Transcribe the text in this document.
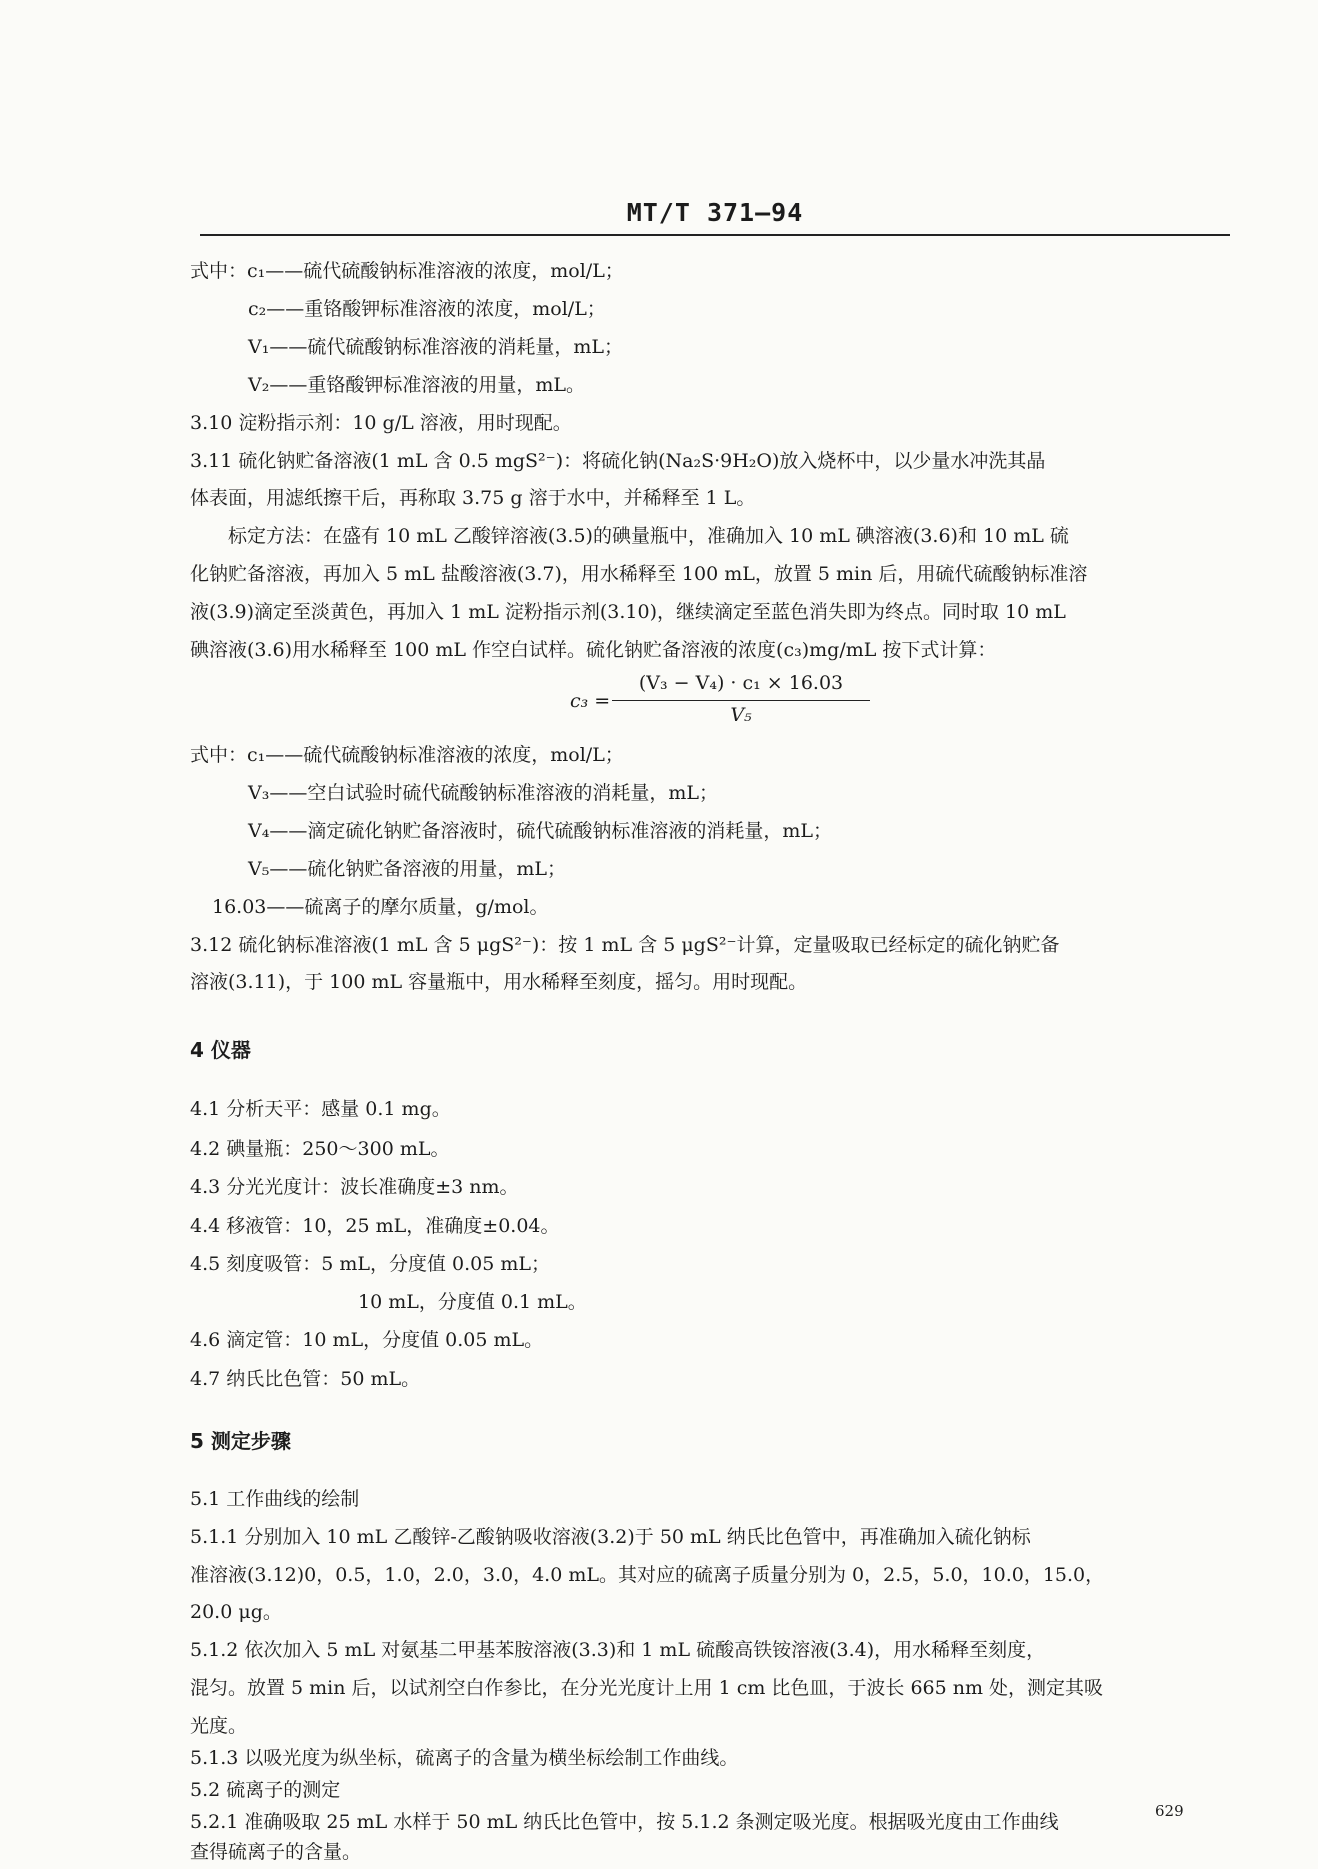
MT/T 371—94
式中：c₁——硫代硫酸钠标准溶液的浓度，mol/L；
c₂——重铬酸钾标准溶液的浓度，mol/L；
V₁——硫代硫酸钠标准溶液的消耗量，mL；
V₂——重铬酸钾标准溶液的用量，mL。
3.10 淀粉指示剂：10 g/L 溶液，用时现配。
3.11 硫化钠贮备溶液(1 mL 含 0.5 mgS²⁻)：将硫化钠(Na₂S·9H₂O)放入烧杯中，以少量水冲洗其晶
体表面，用滤纸擦干后，再称取 3.75 g 溶于水中，并稀释至 1 L。
标定方法：在盛有 10 mL 乙酸锌溶液(3.5)的碘量瓶中，准确加入 10 mL 碘溶液(3.6)和 10 mL 硫
化钠贮备溶液，再加入 5 mL 盐酸溶液(3.7)，用水稀释至 100 mL，放置 5 min 后，用硫代硫酸钠标准溶
液(3.9)滴定至淡黄色，再加入 1 mL 淀粉指示剂(3.10)，继续滴定至蓝色消失即为终点。同时取 10 mL
碘溶液(3.6)用水稀释至 100 mL 作空白试样。硫化钠贮备溶液的浓度(c₃)mg/mL 按下式计算：
c₃ =
(V₃ − V₄) · c₁ × 16.03
V₅
式中：c₁——硫代硫酸钠标准溶液的浓度，mol/L；
V₃——空白试验时硫代硫酸钠标准溶液的消耗量，mL；
V₄——滴定硫化钠贮备溶液时，硫代硫酸钠标准溶液的消耗量，mL；
V₅——硫化钠贮备溶液的用量，mL；
16.03——硫离子的摩尔质量，g/mol。
3.12 硫化钠标准溶液(1 mL 含 5 μgS²⁻)：按 1 mL 含 5 μgS²⁻计算，定量吸取已经标定的硫化钠贮备
溶液(3.11)，于 100 mL 容量瓶中，用水稀释至刻度，摇匀。用时现配。
4 仪器
4.1 分析天平：感量 0.1 mg。
4.2 碘量瓶：250～300 mL。
4.3 分光光度计：波长准确度±3 nm。
4.4 移液管：10，25 mL，准确度±0.04。
4.5 刻度吸管：5 mL，分度值 0.05 mL；
10 mL，分度值 0.1 mL。
4.6 滴定管：10 mL，分度值 0.05 mL。
4.7 纳氏比色管：50 mL。
5 测定步骤
5.1 工作曲线的绘制
5.1.1 分别加入 10 mL 乙酸锌-乙酸钠吸收溶液(3.2)于 50 mL 纳氏比色管中，再准确加入硫化钠标
准溶液(3.12)0，0.5，1.0，2.0，3.0，4.0 mL。其对应的硫离子质量分别为 0，2.5，5.0，10.0，15.0，
20.0 μg。
5.1.2 依次加入 5 mL 对氨基二甲基苯胺溶液(3.3)和 1 mL 硫酸高铁铵溶液(3.4)，用水稀释至刻度，
混匀。放置 5 min 后，以试剂空白作参比，在分光光度计上用 1 cm 比色皿，于波长 665 nm 处，测定其吸
光度。
5.1.3 以吸光度为纵坐标，硫离子的含量为横坐标绘制工作曲线。
5.2 硫离子的测定
5.2.1 准确吸取 25 mL 水样于 50 mL 纳氏比色管中，按 5.1.2 条测定吸光度。根据吸光度由工作曲线	629
查得硫离子的含量。
